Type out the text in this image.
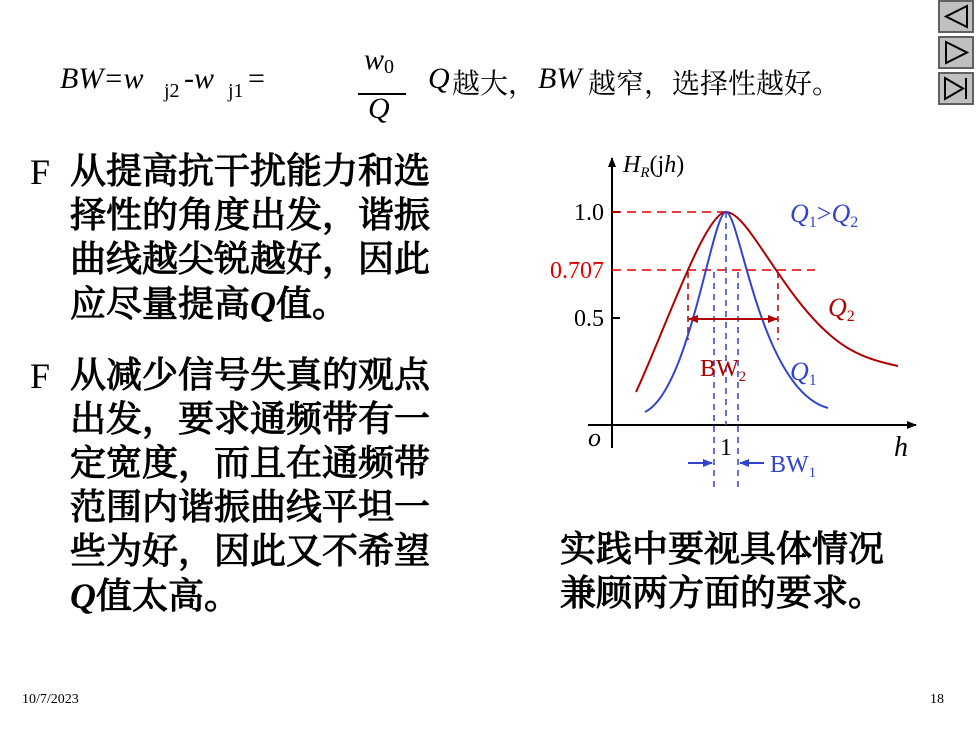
BW=w j2 -w j1 =
w 0
Q
Q 越大， BW 越窄，选择性越好。
F 从提高抗干扰能力和选
择性的角度出发，谐振
曲线越尖锐越好，因此
应尽量提高Q值。
F 从减少信号失真的观点
出发，要求通频带有一
定宽度，而且在通频带
范围内谐振曲线平坦一
些为好，因此又不希望
Q值太高。
$H_R(jh)$
1.0
0.707
0.5
o	1	h
Q1>Q2
Q2
Q1
$BW_2$
$BW_1$
实践中要视具体情况
兼顾两方面的要求。
10/7/2023	18
